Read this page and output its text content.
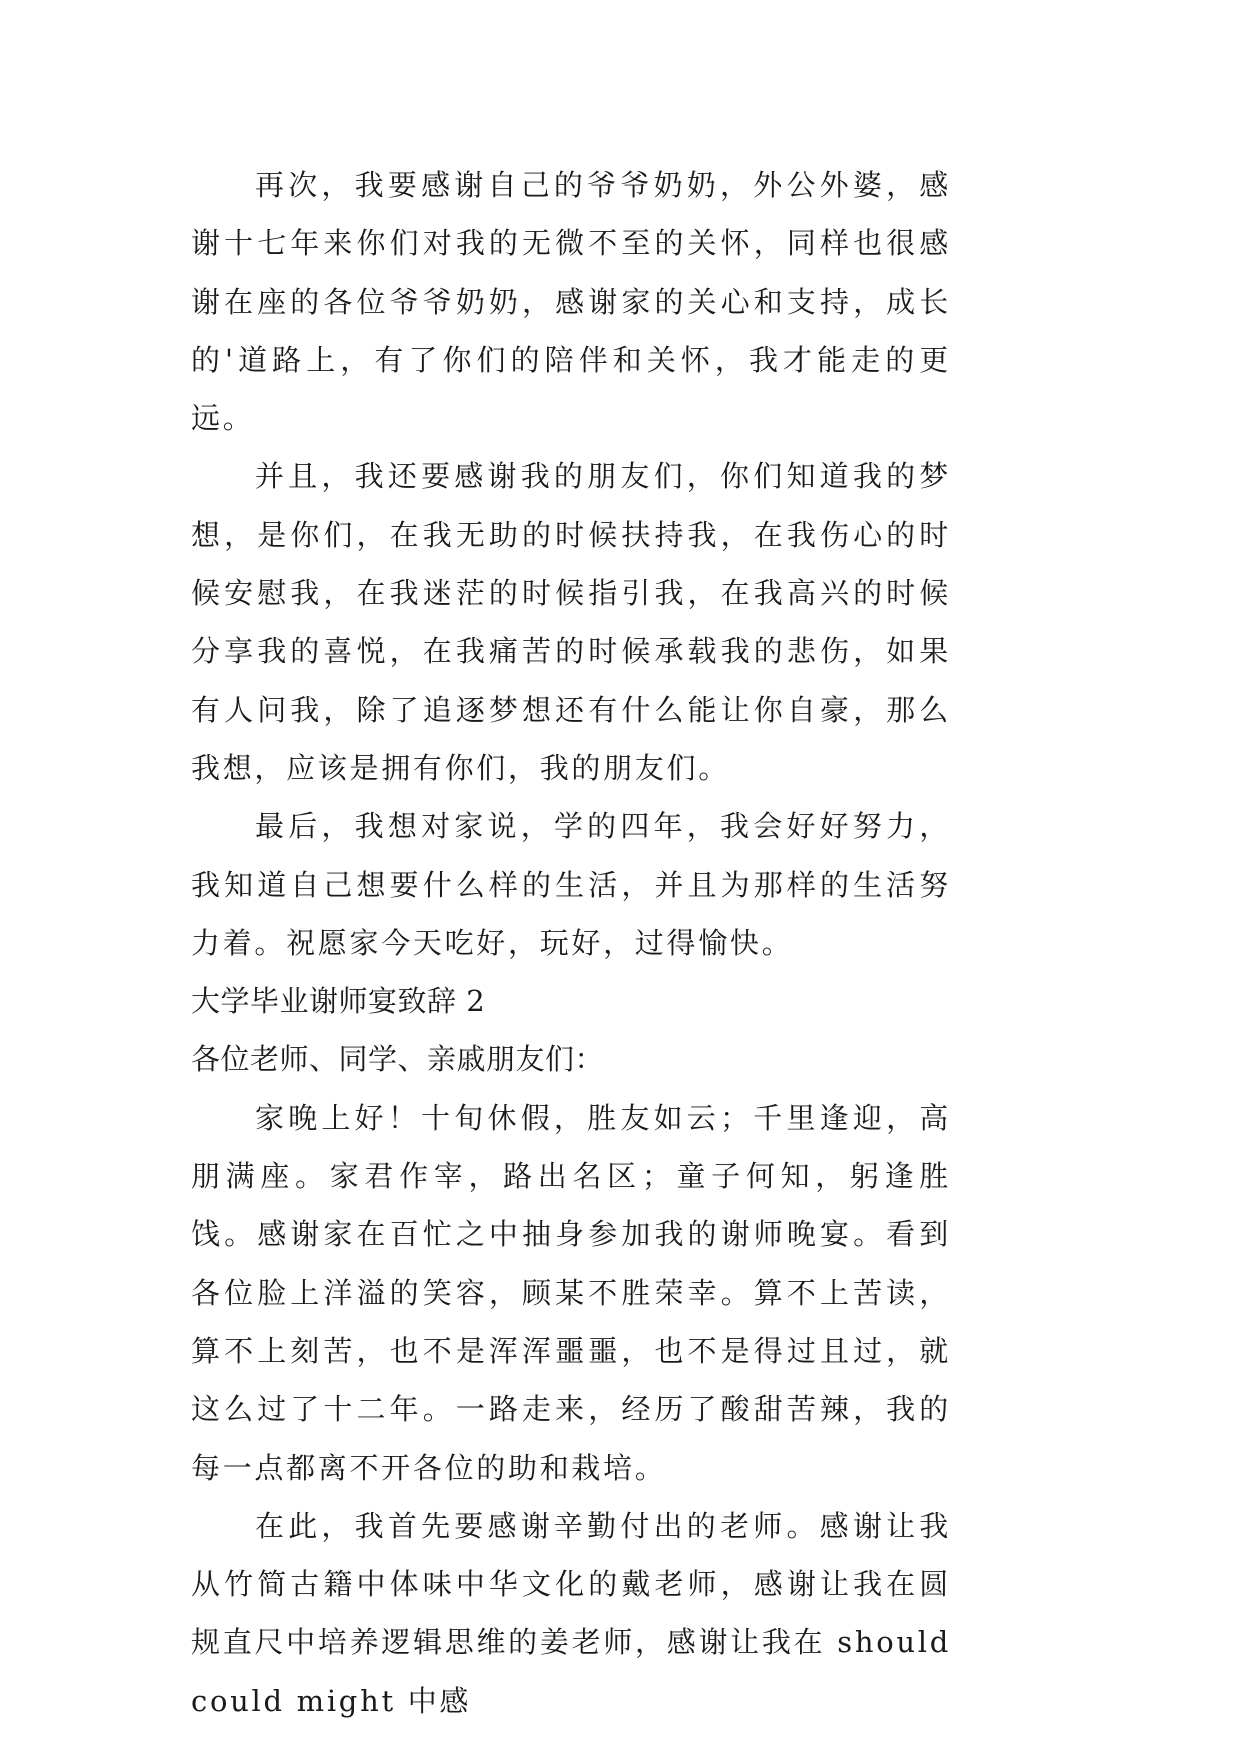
再次，我要感谢自己的爷爷奶奶，外公外婆，感谢十七年来你们对我的无微不至的关怀，同样也很感谢在座的各位爷爷奶奶，感谢家的关心和支持，成长的'道路上，有了你们的陪伴和关怀，我才能走的更远。

并且，我还要感谢我的朋友们，你们知道我的梦想，是你们，在我无助的时候扶持我，在我伤心的时候安慰我，在我迷茫的时候指引我，在我高兴的时候分享我的喜悦，在我痛苦的时候承载我的悲伤，如果有人问我，除了追逐梦想还有什么能让你自豪，那么我想，应该是拥有你们，我的朋友们。

最后，我想对家说，学的四年，我会好好努力，我知道自己想要什么样的生活，并且为那样的生活努力着。祝愿家今天吃好，玩好，过得愉快。

大学毕业谢师宴致辞 2

各位老师、同学、亲戚朋友们：

家晚上好！十旬休假，胜友如云；千里逢迎，高朋满座。家君作宰，路出名区；童子何知，躬逢胜饯。感谢家在百忙之中抽身参加我的谢师晚宴。看到各位脸上洋溢的笑容，顾某不胜荣幸。算不上苦读，算不上刻苦，也不是浑浑噩噩，也不是得过且过，就这么过了十二年。一路走来，经历了酸甜苦辣，我的每一点都离不开各位的助和栽培。

在此，我首先要感谢辛勤付出的老师。感谢让我从竹简古籍中体味中华文化的戴老师，感谢让我在圆规直尺中培养逻辑思维的姜老师，感谢让我在 should could might 中感
